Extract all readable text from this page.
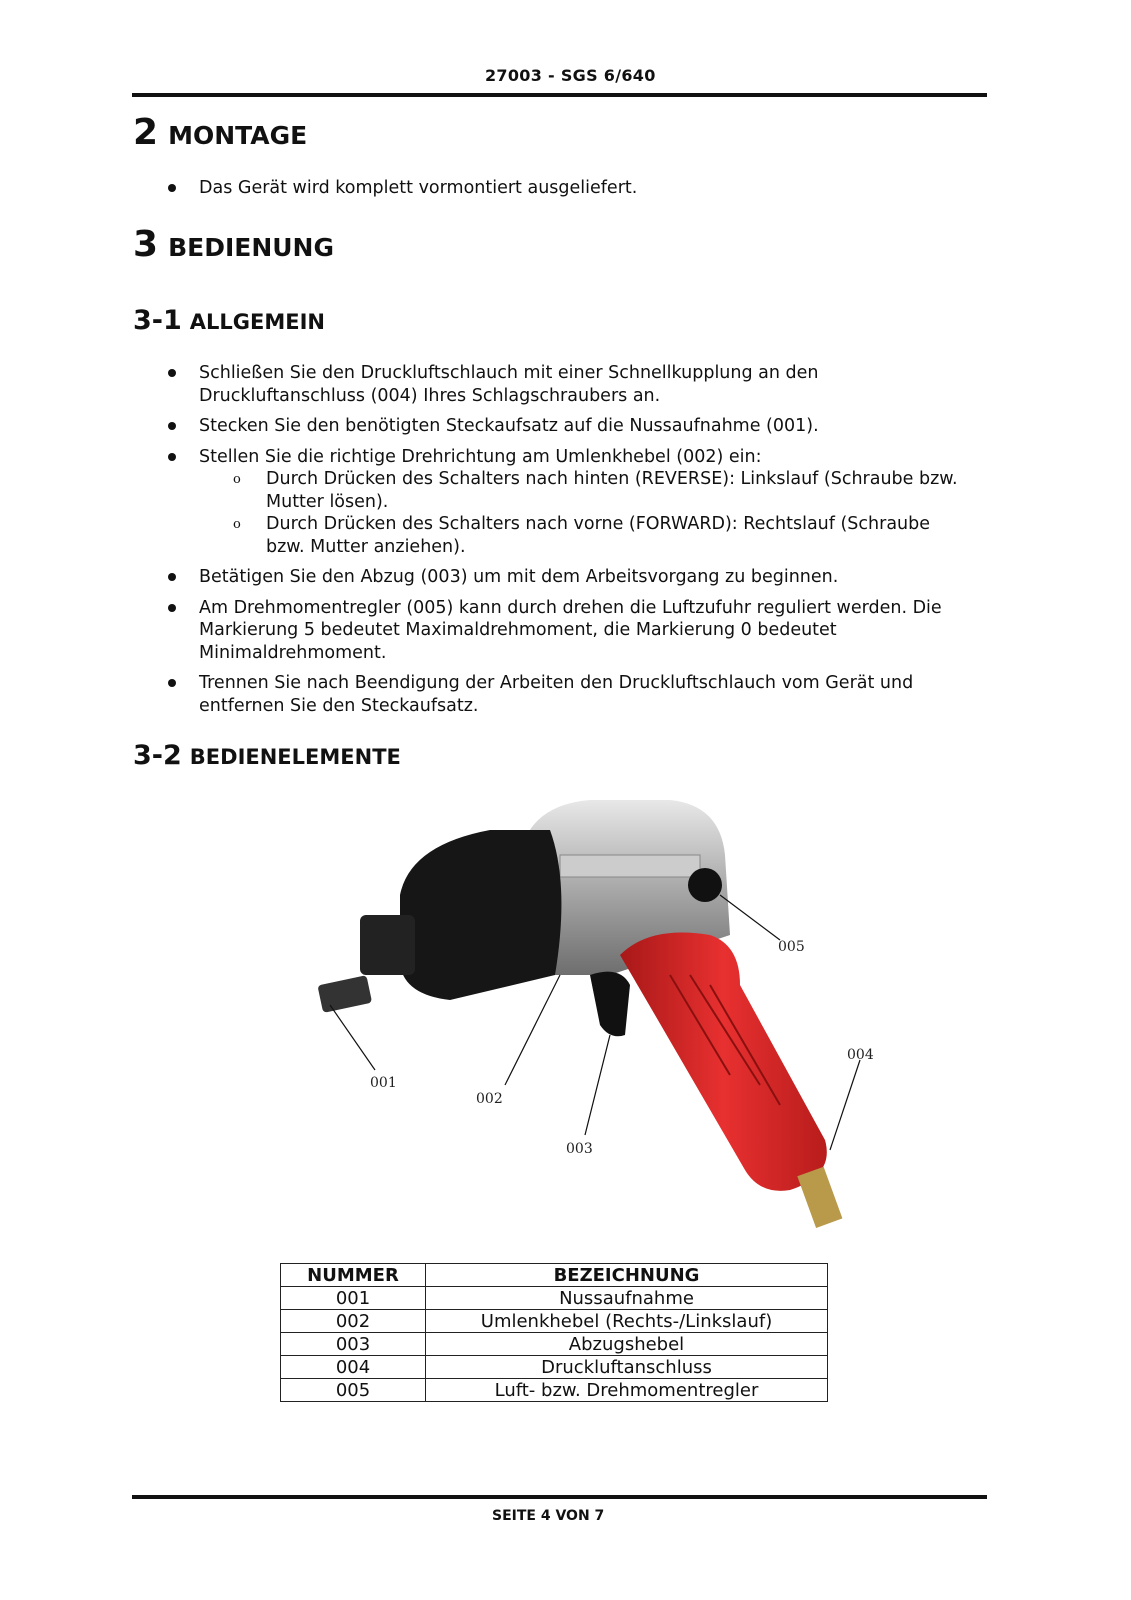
27003 - SGS 6/640
2 MONTAGE
Das Gerät wird komplett vormontiert ausgeliefert.
3 BEDIENUNG
3-1 ALLGEMEIN
Schließen Sie den Druckluftschlauch mit einer Schnellkupplung an den Druckluftanschluss (004) Ihres Schlagschraubers an.
Stecken Sie den benötigten Steckaufsatz auf die Nussaufnahme (001).
Stellen Sie die richtige Drehrichtung am Umlenkhebel (002) ein:
o Durch Drücken des Schalters nach hinten (REVERSE): Linkslauf (Schraube bzw. Mutter lösen).
o Durch Drücken des Schalters nach vorne (FORWARD): Rechtslauf (Schraube bzw. Mutter anziehen).
Betätigen Sie den Abzug (003) um mit dem Arbeitsvorgang zu beginnen.
Am Drehmomentregler (005) kann durch drehen die Luftzufuhr reguliert werden. Die Markierung 5 bedeutet Maximaldrehmoment, die Markierung 0 bedeutet Minimaldrehmoment.
Trennen Sie nach Beendigung der Arbeiten den Druckluftschlauch vom Gerät und entfernen Sie den Steckaufsatz.
3-2 BEDIENELEMENTE
001
002
003
004
005
NUMMER	BEZEICHNUNG
001	Nussaufnahme
002	Umlenkhebel (Rechts-/Linkslauf)
003	Abzugshebel
004	Druckluftanschluss
005	Luft- bzw. Drehmomentregler
SEITE 4 VON 7
